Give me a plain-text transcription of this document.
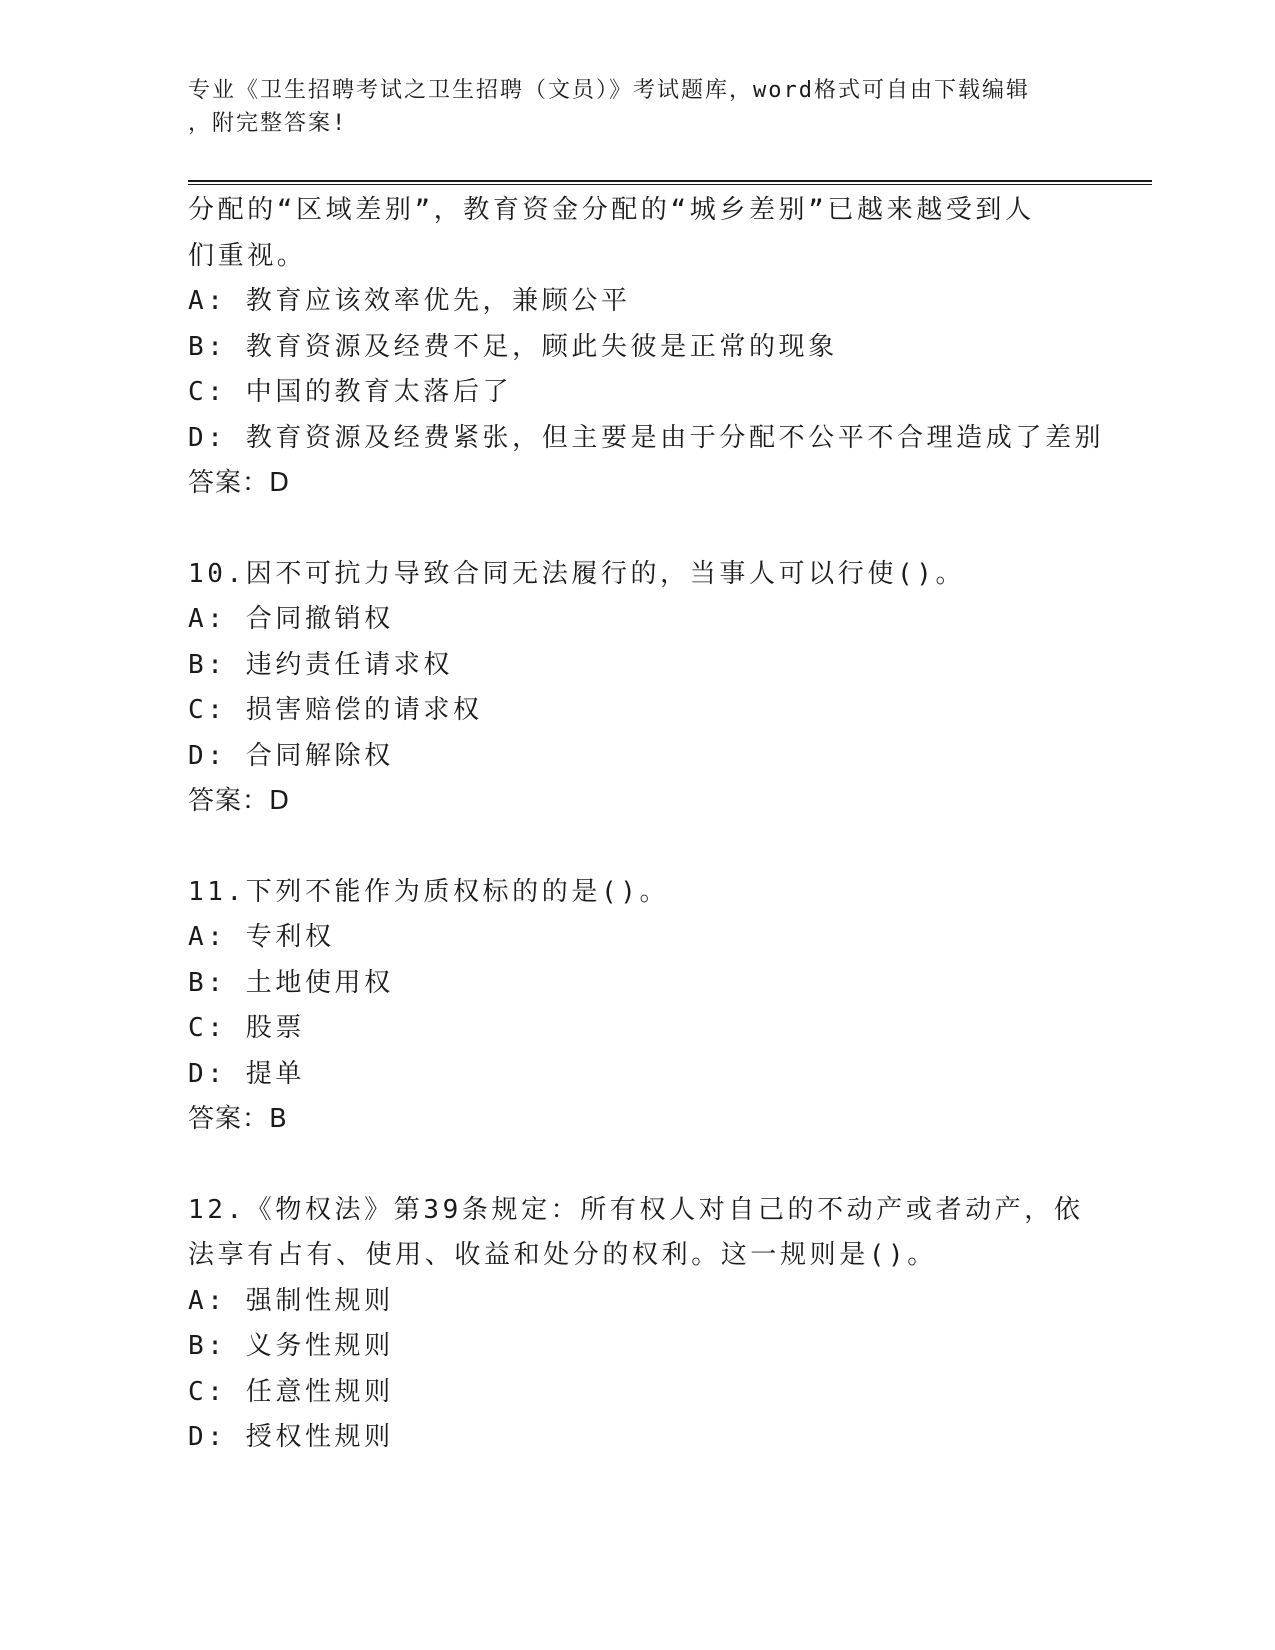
专业《卫生招聘考试之卫生招聘（文员）》考试题库，word格式可自由下载编辑
，附完整答案!
分配的“区域差别”，教育资金分配的“城乡差别”已越来越受到人
们重视。
A: 教育应该效率优先，兼顾公平
B: 教育资源及经费不足，顾此失彼是正常的现象
C: 中国的教育太落后了
D: 教育资源及经费紧张，但主要是由于分配不公平不合理造成了差别
答案：D
10.因不可抗力导致合同无法履行的，当事人可以行使()。
A: 合同撤销权
B: 违约责任请求权
C: 损害赔偿的请求权
D: 合同解除权
答案：D
11.下列不能作为质权标的的是()。
A: 专利权
B: 土地使用权
C: 股票
D: 提单
答案：B
12.《物权法》第39条规定：所有权人对自己的不动产或者动产，依
法享有占有、使用、收益和处分的权利。这一规则是()。
A: 强制性规则
B: 义务性规则
C: 任意性规则
D: 授权性规则
